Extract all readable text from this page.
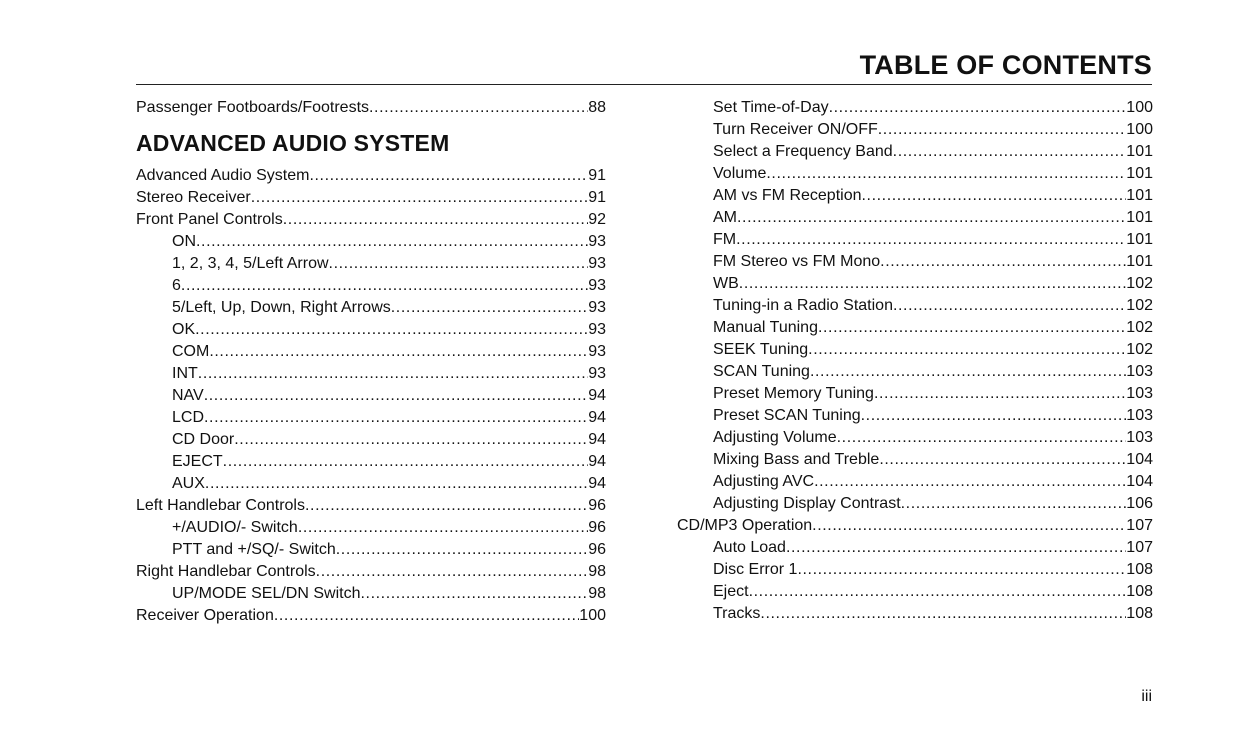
TABLE OF CONTENTS
Passenger Footboards/Footrests .....	88
ADVANCED AUDIO SYSTEM
Advanced Audio System .....	91
Stereo Receiver .....	91
Front Panel Controls .....	92
ON .....	93
1, 2, 3, 4, 5/Left Arrow .....	93
6 .....	93
5/Left, Up, Down, Right Arrows .....	93
OK .....	93
COM .....	93
INT .....	93
NAV .....	94
LCD .....	94
CD Door .....	94
EJECT .....	94
AUX .....	94
Left Handlebar Controls .....	96
+/AUDIO/- Switch .....	96
PTT and +/SQ/- Switch .....	96
Right Handlebar Controls .....	98
UP/MODE SEL/DN Switch .....	98
Receiver Operation .....	100
Set Time-of-Day .....	100
Turn Receiver ON/OFF .....	100
Select a Frequency Band .....	101
Volume .....	101
AM vs FM Reception .....	101
AM .....	101
FM .....	101
FM Stereo vs FM Mono .....	101
WB .....	102
Tuning-in a Radio Station .....	102
Manual Tuning .....	102
SEEK Tuning .....	102
SCAN Tuning .....	103
Preset Memory Tuning .....	103
Preset SCAN Tuning .....	103
Adjusting Volume .....	103
Mixing Bass and Treble .....	104
Adjusting AVC .....	104
Adjusting Display Contrast .....	106
CD/MP3 Operation .....	107
Auto Load .....	107
Disc Error 1 .....	108
Eject .....	108
Tracks .....	108
iii
